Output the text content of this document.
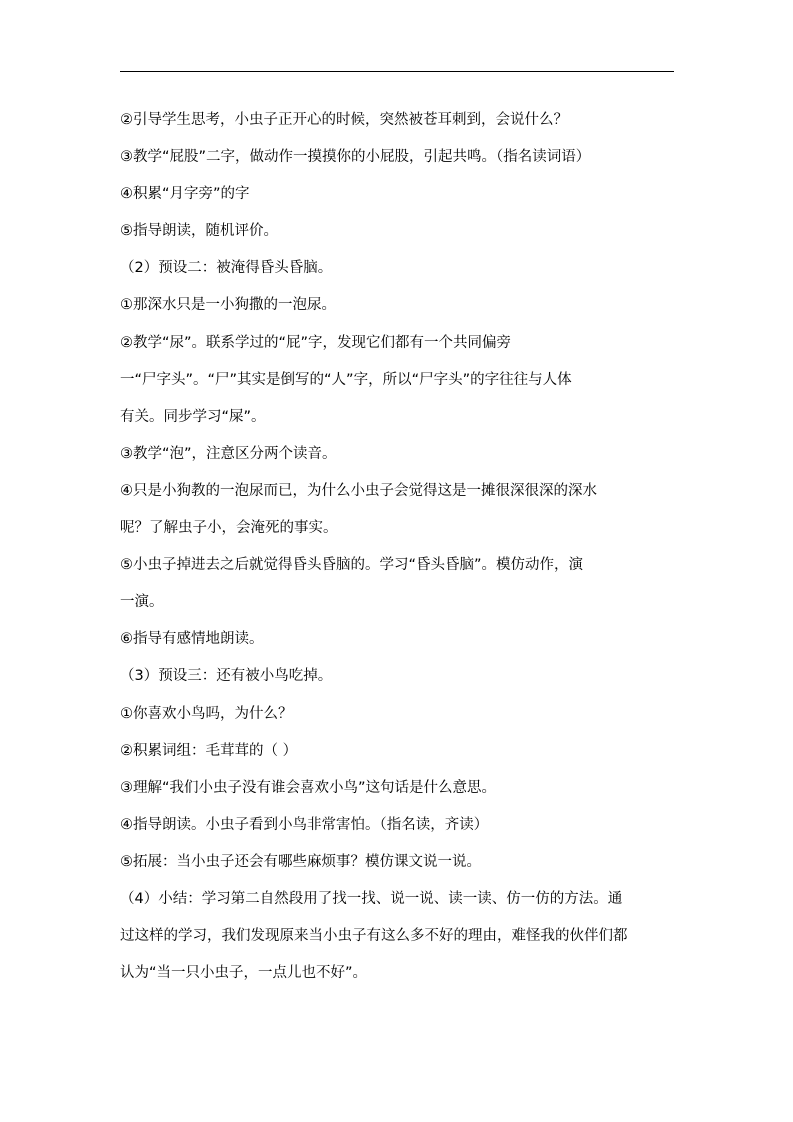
②引导学生思考，小虫子正开心的时候，突然被苍耳刺到，会说什么？
③教学“屁股”二字，做动作一摸摸你的小屁股，引起共鸣。（指名读词语）
④积累“月字旁”的字
⑤指导朗读，随机评价。
（2）预设二：被淹得昏头昏脑。
①那深水只是一小狗撒的一泡尿。
②教学“尿”。联系学过的“屁”字，发现它们都有一个共同偏旁
一“尸字头”。“尸”其实是倒写的“人”字，所以“尸字头”的字往往与人体
有关。同步学习“屎”。
③教学“泡”，注意区分两个读音。
④只是小狗教的一泡尿而已，为什么小虫子会觉得这是一摊很深很深的深水
呢？了解虫子小，会淹死的事实。
⑤小虫子掉进去之后就觉得昏头昏脑的。学习“昏头昏脑”。模仿动作，演
一演。
⑥指导有感情地朗读。
（3）预设三：还有被小鸟吃掉。
①你喜欢小鸟吗，为什么？
②积累词组：毛茸茸的（ ）
③理解“我们小虫子没有谁会喜欢小鸟”这句话是什么意思。
④指导朗读。小虫子看到小鸟非常害怕。（指名读，齐读）
⑤拓展：当小虫子还会有哪些麻烦事？模仿课文说一说。
（4）小结：学习第二自然段用了找一找、说一说、读一读、仿一仿的方法。通
过这样的学习，我们发现原来当小虫子有这么多不好的理由，难怪我的伙伴们都
认为“当一只小虫子，一点儿也不好”。
